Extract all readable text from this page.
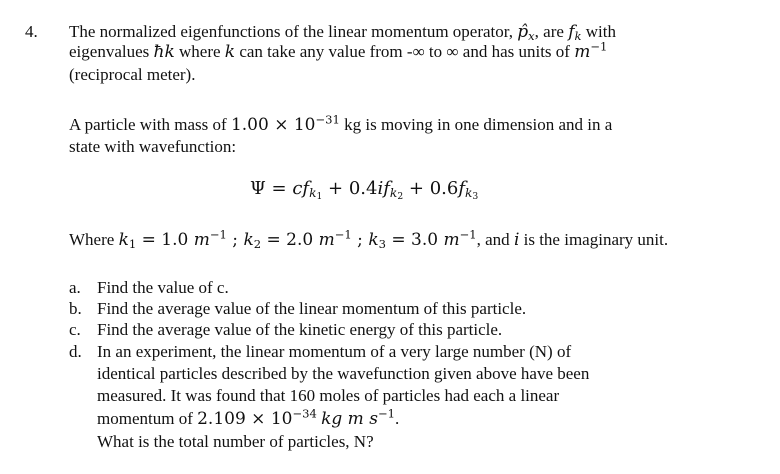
4. The normalized eigenfunctions of the linear momentum operator, $p̂_x$, are $f_k$ with
eigenvalues ħk where k can take any value from -∞ to ∞ and has units of $m^{-1}$
(reciprocal meter).
A particle with mass of $1.00 \times 10^{-31}$ kg is moving in one dimension and in a
state with wavefunction:
$\Psi = cf_{k1} + 0.4if_{k2} + 0.6f_{k3}$
Where $k_1 = 1.0$ $m^{-1}$ ; $k_2 = 2.0$ $m^{-1}$ ; $k_3 = 3.0$ $m^{-1}$, and i is the imaginary unit.
a. Find the value of c.
b. Find the average value of the linear momentum of this particle.
c. Find the average value of the kinetic energy of this particle.
d. In an experiment, the linear momentum of a very large number (N) of
identical particles described by the wavefunction given above have been
measured. It was found that 160 moles of particles had each a linear
momentum of $2.109 \times 10^{-34}$ kg m $s^{-1}$.
What is the total number of particles, N?
